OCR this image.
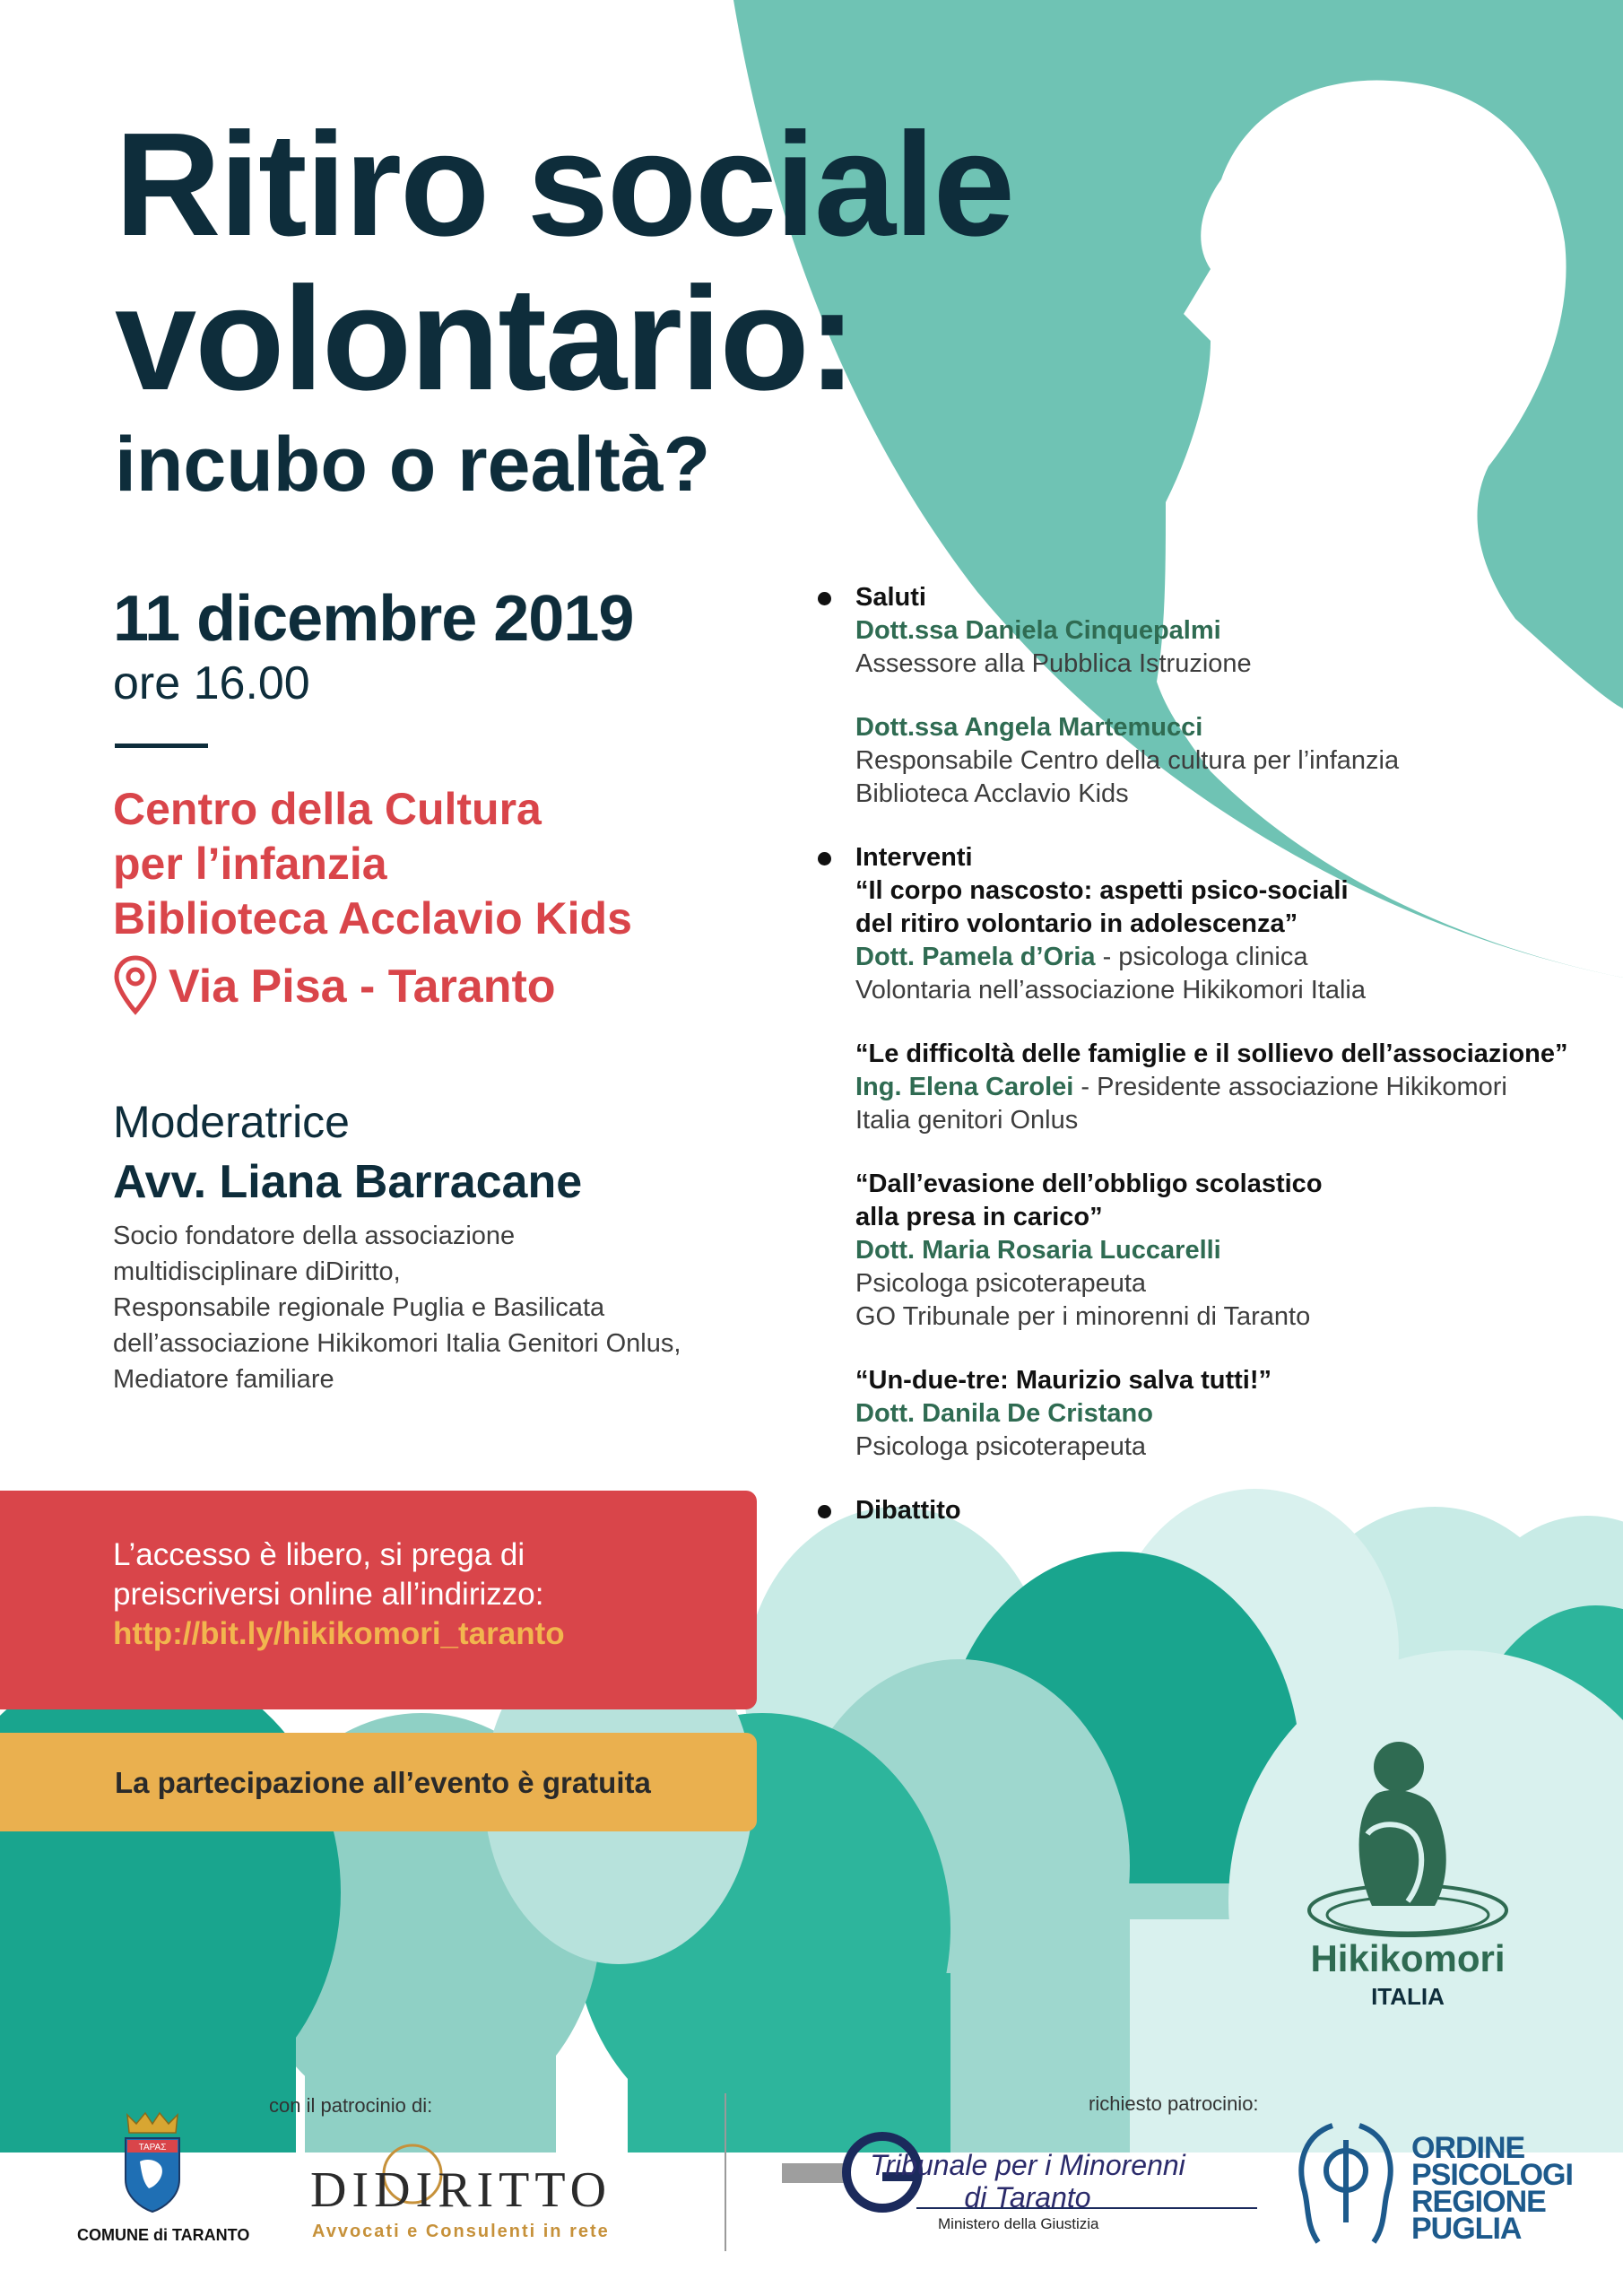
Ritiro sociale
volontario:
incubo o realtà?
11 dicembre 2019
ore 16.00
Centro della Cultura
per l’infanzia
Biblioteca Acclavio Kids
Via Pisa - Taranto
Moderatrice
Avv. Liana Barracane
Socio fondatore della associazione
multidisciplinare diDiritto,
Responsabile regionale Puglia e Basilicata
dell’associazione Hikikomori Italia Genitori Onlus,
Mediatore familiare
Saluti
Dott.ssa Daniela Cinquepalmi
Assessore alla Pubblica Istruzione
Dott.ssa Angela Martemucci
Responsabile Centro della cultura per l’infanzia
Biblioteca Acclavio Kids
Interventi
“Il corpo nascosto: aspetti psico-sociali
del ritiro volontario in adolescenza”
Dott. Pamela d’Oria - psicologa clinica
Volontaria nell’associazione Hikikomori Italia
“Le difficoltà delle famiglie e il sollievo dell’associazione”
Ing. Elena Carolei - Presidente associazione Hikikomori
Italia genitori Onlus
“Dall’evasione dell’obbligo scolastico
alla presa in carico”
Dott. Maria Rosaria Luccarelli
Psicologa psicoterapeuta
GO Tribunale per i minorenni di Taranto
“Un-due-tre: Maurizio salva tutti!”
Dott. Danila De Cristano
Psicologa psicoterapeuta
Dibattito
L’accesso è libero, si prega di
preiscriversi online all’indirizzo:
http://bit.ly/hikikomori_taranto
La partecipazione all’evento è gratuita
Hikikomori
ITALIA
con il patrocinio di:	richiesto patrocinio:
ΤΑΡΑΣ
COMUNE di TARANTO
DIDIRITTO
Avvocati e Consulenti in rete
Tribunale per i Minorenni
di Taranto
Ministero della Giustizia
ORDINE
PSICOLOGI
REGIONE
PUGLIA
